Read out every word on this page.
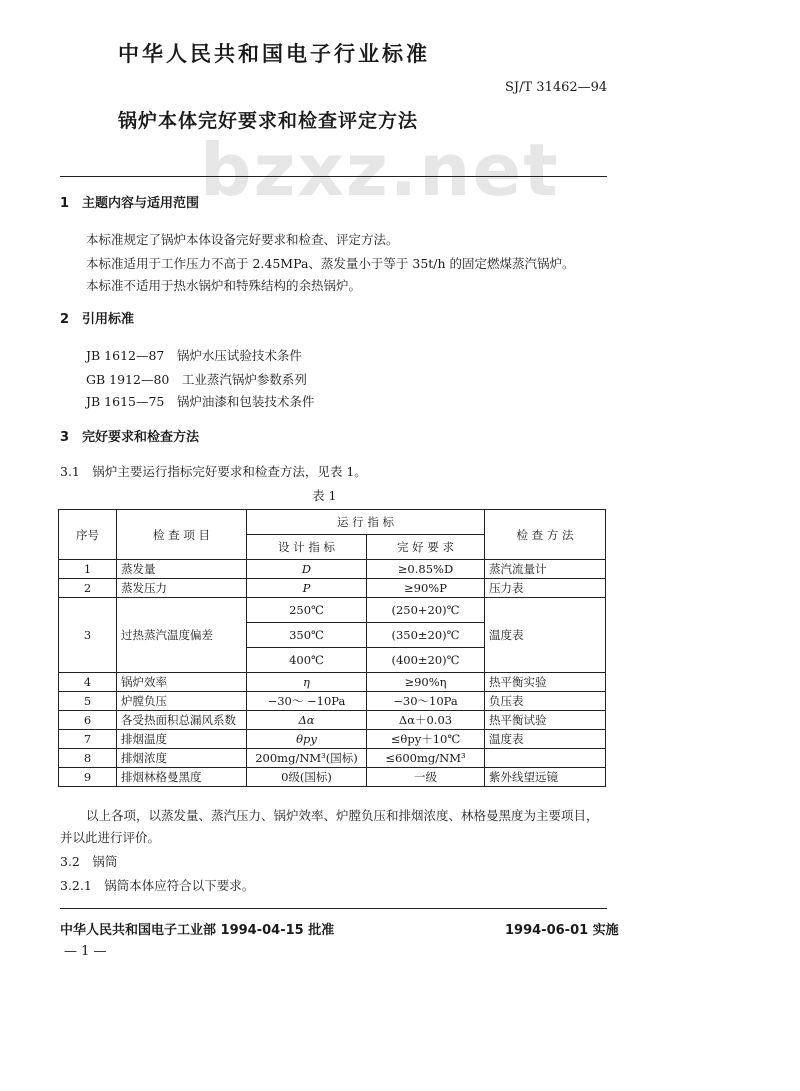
中华人民共和国电子行业标准
SJ/T 31462—94
锅炉本体完好要求和检查评定方法
bzxz.net
1　主题内容与适用范围
本标准规定了锅炉本体设备完好要求和检查、评定方法。
本标准适用于工作压力不高于 2.45MPa、蒸发量小于等于 35t/h 的固定燃煤蒸汽锅炉。
本标准不适用于热水锅炉和特殊结构的余热锅炉。
2　引用标准
JB 1612—87　锅炉水压试验技术条件
GB 1912—80　工业蒸汽锅炉参数系列
JB 1615—75　锅炉油漆和包装技术条件
3　完好要求和检查方法
3.1　锅炉主要运行指标完好要求和检查方法，见表 1。
表 1
序号	检 查 项 目	运 行 指 标		检 查 方 法
		设 计 指 标	完 好 要 求	
1	蒸发量	D	≥0.85%D	蒸汽流量计
2	蒸发压力	P	≥90%P	压力表
3	过热蒸汽温度偏差	250℃	(250+20)℃	温度表
		350℃	(350±20)℃	
		400℃	(400±20)℃	
4	锅炉效率	η	≥90%η	热平衡实验
5	炉膛负压	−30～ −10Pa	−30～10Pa	负压表
6	各受热面积总漏风系数	Δα	Δα＋0.03	热平衡试验
7	排烟温度	θpy	≤θpy＋10℃	温度表
8	排烟浓度	200mg/NM³(国标)	≤600mg/NM³	
9	排烟林格曼黑度	0级(国标)	一级	紫外线望远镜
以上各项，以蒸发量、蒸汽压力、锅炉效率、炉膛负压和排烟浓度、林格曼黑度为主要项目，
并以此进行评价。
3.2　锅筒
3.2.1　锅筒本体应符合以下要求。
中华人民共和国电子工业部 1994-04-15 批准	1994-06-01 实施
— 1 —
